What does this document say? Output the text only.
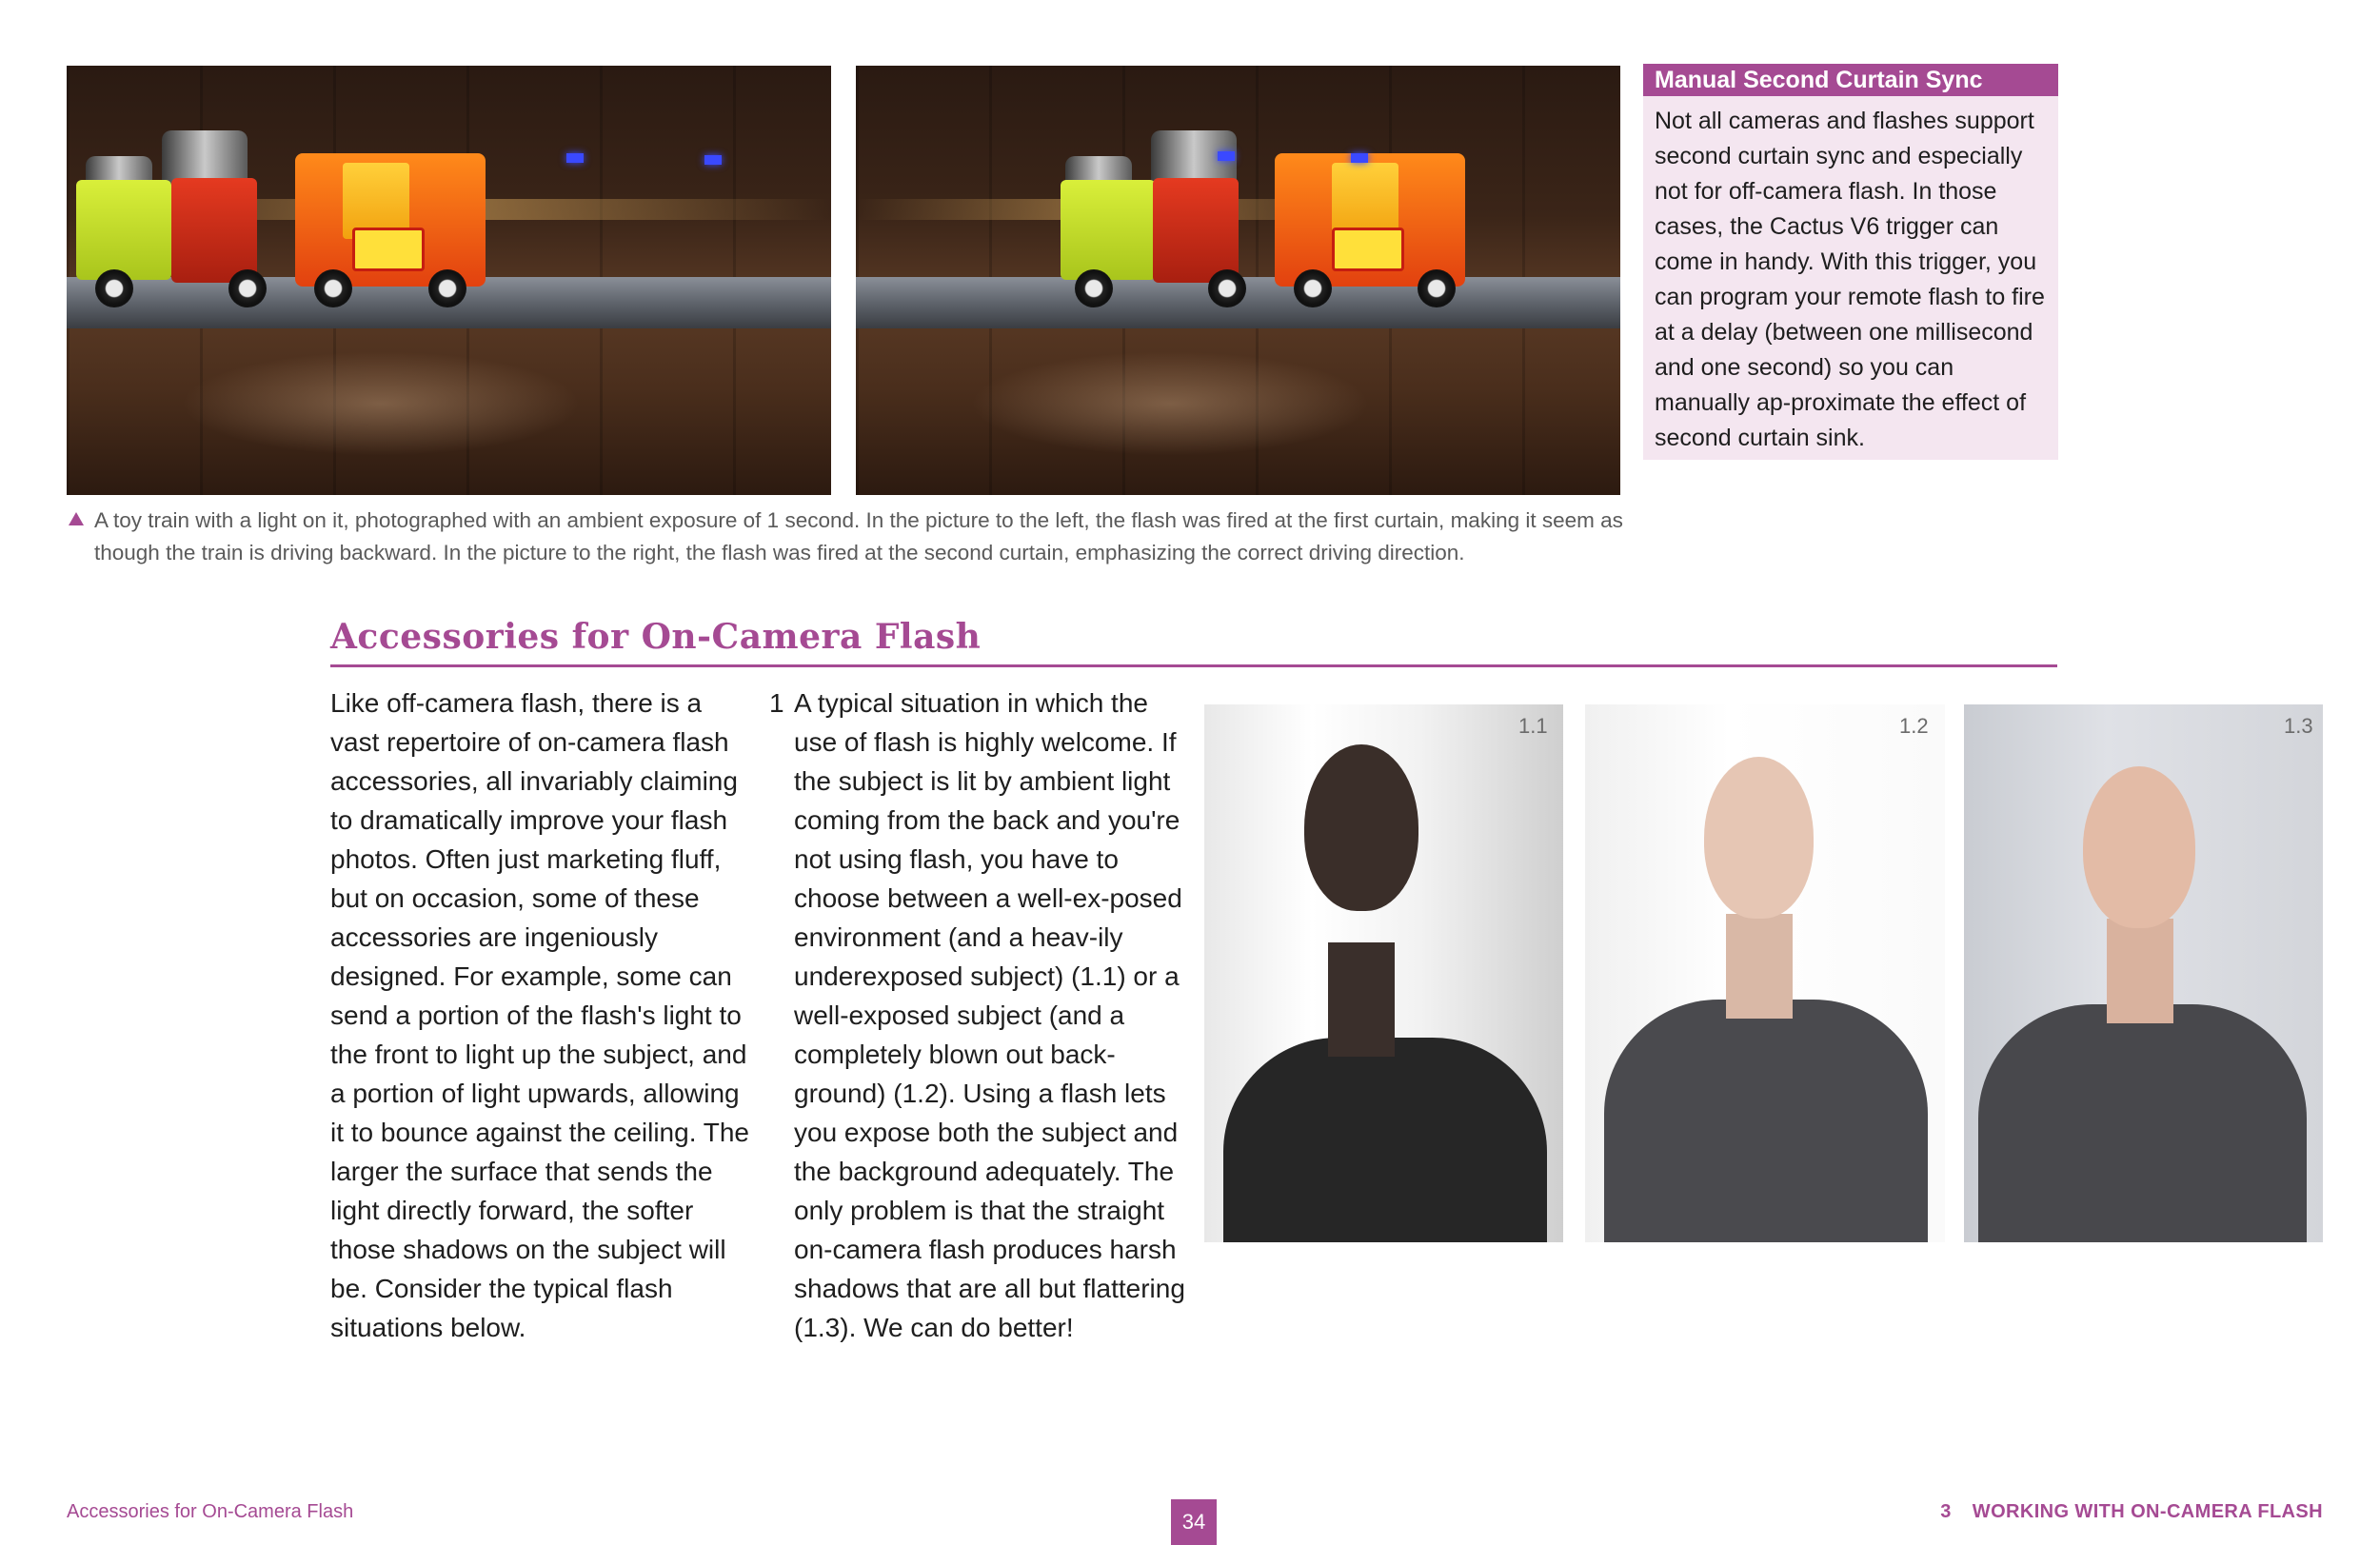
Manual Second Curtain Sync

Not all cameras and flashes support second curtain sync and especially not for off-camera flash. In those cases, the Cactus V6 trigger can come in handy. With this trigger, you can program your remote flash to fire at a delay (between one millisecond and one second) so you can manually ap-proximate the effect of second curtain sink.

A toy train with a light on it, photographed with an ambient exposure of 1 second. In the picture to the left, the flash was fired at the first curtain, making it seem as though the train is driving backward. In the picture to the right, the flash was fired at the second curtain, emphasizing the correct driving direction.
Accessories for On-Camera Flash

Like off-camera flash, there is a vast repertoire of on-camera flash accessories, all invariably claiming to dramatically improve your flash photos. Often just marketing fluff, but on occasion, some of these accessories are ingeniously designed. For example, some can send a portion of the flash's light to the front to light up the subject, and a portion of light upwards, allowing it to bounce against the ceiling. The larger the surface that sends the light directly forward, the softer those shadows on the subject will be. Consider the typical flash situations below.

1 A typical situation in which the use of flash is highly welcome. If the subject is lit by ambient light coming from the back and you're not using flash, you have to choose between a well-ex-posed environment (and a heav-ily underexposed subject) (1.1) or a well-exposed subject (and a completely blown out back-ground) (1.2). Using a flash lets you expose both the subject and the background adequately. The only problem is that the straight on-camera flash produces harsh shadows that are all but flattering (1.3). We can do better!

1.1	1.2	1.3
Accessories for On-Camera Flash	34	3 WORKING WITH ON-CAMERA FLASH
